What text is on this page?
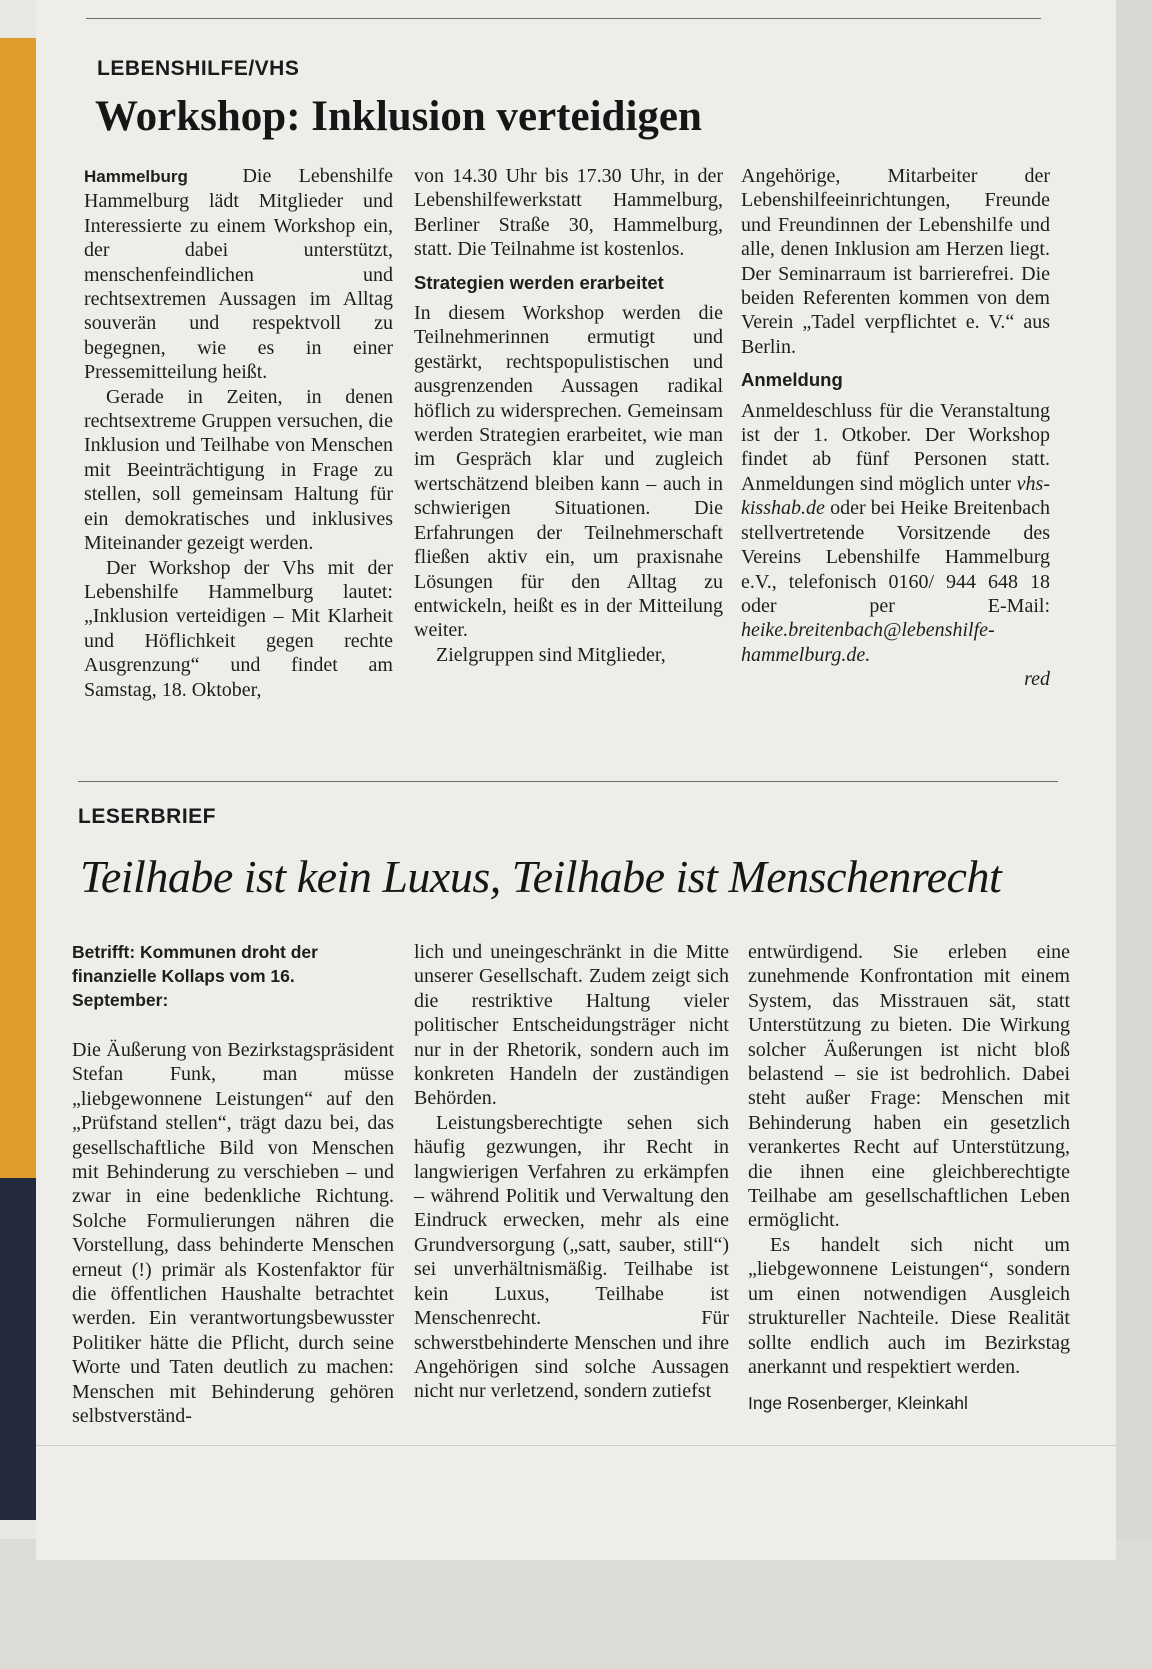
LEBENSHILFE/VHS
Workshop: Inklusion verteidigen

Hammelburg	Die Lebenshilfe Hammelburg lädt Mitglieder und Interessierte zu einem Workshop ein, der dabei unterstützt, menschenfeindlichen und rechtsextremen Aussagen im Alltag souverän und respektvoll zu begegnen, wie es in einer Pressemitteilung heißt.

Gerade in Zeiten, in denen rechtsextreme Gruppen versuchen, die Inklusion und Teilhabe von Menschen mit Beeinträchtigung in Frage zu stellen, soll gemeinsam Haltung für ein demokratisches und inklusives Miteinander gezeigt werden.

Der Workshop der Vhs mit der Lebenshilfe Hammelburg lautet: „Inklusion verteidigen – Mit Klarheit und Höflichkeit gegen rechte Ausgrenzung“ und findet am Samstag, 18. Oktober,

von 14.30 Uhr bis 17.30 Uhr, in der Lebenshilfewerkstatt Hammelburg, Berliner Straße 30, Hammelburg, statt. Die Teilnahme ist kostenlos.

Strategien werden erarbeitet

In diesem Workshop werden die Teilnehmerinnen ermutigt und gestärkt, rechtspopulistischen und ausgrenzenden Aussagen radikal höflich zu widersprechen. Gemeinsam werden Strategien erarbeitet, wie man im Gespräch klar und zugleich wertschätzend bleiben kann – auch in schwierigen Situationen. Die Erfahrungen der Teilnehmerschaft fließen aktiv ein, um praxisnahe Lösungen für den Alltag zu entwickeln, heißt es in der Mitteilung weiter.

Zielgruppen sind Mitglieder,

Angehörige, Mitarbeiter der Lebenshilfeeinrichtungen, Freunde und Freundinnen der Lebenshilfe und alle, denen Inklusion am Herzen liegt. Der Seminarraum ist barrierefrei. Die beiden Referenten kommen von dem Verein „Tadel verpflichtet e. V.“ aus Berlin.

Anmeldung

Anmeldeschluss für die Veranstaltung ist der 1. Otkober. Der Workshop findet ab fünf Personen statt. Anmeldungen sind möglich unter vhs-kisshab.de oder bei Heike Breitenbach stellvertretende Vorsitzende des Vereins Lebenshilfe Hammelburg e.V., telefonisch 0160/ 944 648 18 oder per E-Mail: heike.breitenbach@lebenshilfe-hammelburg.de.
red

LESERBRIEF
Teilhabe ist kein Luxus, Teilhabe ist Menschenrecht
Betrifft: Kommunen droht der finanzielle Kollaps vom 16. September:

Die Äußerung von Bezirkstagspräsident Stefan Funk, man müsse „liebgewonnene Leistungen“ auf den „Prüfstand stellen“, trägt dazu bei, das gesellschaftliche Bild von Menschen mit Behinderung zu verschieben – und zwar in eine bedenkliche Richtung. Solche Formulierungen nähren die Vorstellung, dass behinderte Menschen erneut (!) primär als Kostenfaktor für die öffentlichen Haushalte betrachtet werden. Ein verantwortungsbewusster Politiker hätte die Pflicht, durch seine Worte und Taten deutlich zu machen: Menschen mit Behinderung gehören selbstverständ-

lich und uneingeschränkt in die Mitte unserer Gesellschaft. Zudem zeigt sich die restriktive Haltung vieler politischer Entscheidungsträger nicht nur in der Rhetorik, sondern auch im konkreten Handeln der zuständigen Behörden.

Leistungsberechtigte sehen sich häufig gezwungen, ihr Recht in langwierigen Verfahren zu erkämpfen – während Politik und Verwaltung den Eindruck erwecken, mehr als eine Grundversorgung („satt, sauber, still“) sei unverhältnismäßig. Teilhabe ist kein Luxus, Teilhabe ist Menschenrecht. Für schwerstbehinderte Menschen und ihre Angehörigen sind solche Aussagen nicht nur verletzend, sondern zutiefst

entwürdigend. Sie erleben eine zunehmende Konfrontation mit einem System, das Misstrauen sät, statt Unterstützung zu bieten. Die Wirkung solcher Äußerungen ist nicht bloß belastend – sie ist bedrohlich. Dabei steht außer Frage: Menschen mit Behinderung haben ein gesetzlich verankertes Recht auf Unterstützung, die ihnen eine gleichberechtigte Teilhabe am gesellschaftlichen Leben ermöglicht.

Es handelt sich nicht um „liebgewonnene Leistungen“, sondern um einen notwendigen Ausgleich struktureller Nachteile. Diese Realität sollte endlich auch im Bezirkstag anerkannt und respektiert werden.

Inge Rosenberger, Kleinkahl
